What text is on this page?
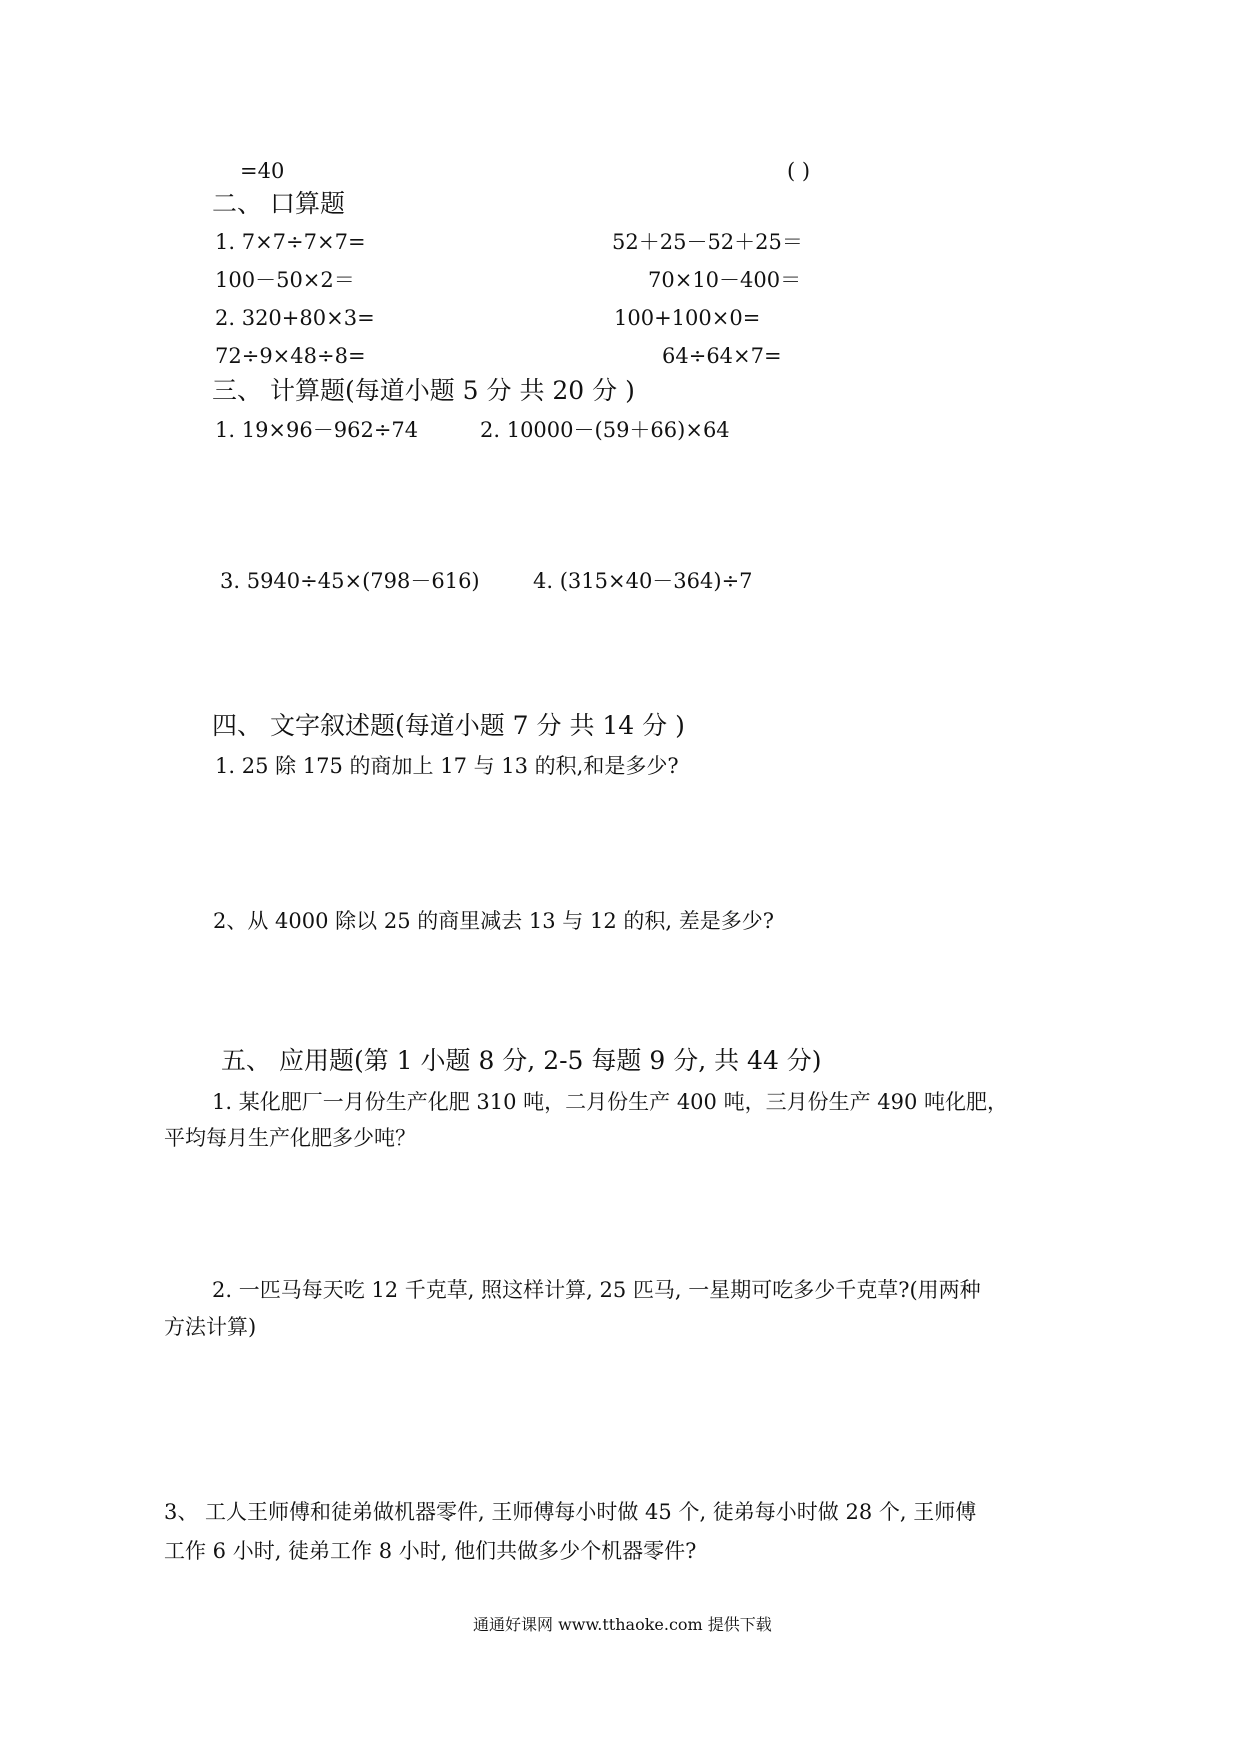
=40	( )
二、 口算题
1. 7×7÷7×7=	52＋25－52＋25＝
100－50×2＝	70×10－400＝
2. 320+80×3=	100+100×0=
72÷9×48÷8=	64÷64×7=
三、 计算题(每道小题 5 分 共 20 分 )
1. 19×96－962÷74	2. 10000－(59＋66)×64
3. 5940÷45×(798－616)	4. (315×40－364)÷7
四、 文字叙述题(每道小题 7 分 共 14 分 )
1. 25 除 175 的商加上 17 与 13 的积,和是多少?
2、从 4000 除以 25 的商里减去 13 与 12 的积, 差是多少?
五、 应用题(第 1 小题 8 分, 2-5 每题 9 分, 共 44 分)
1. 某化肥厂一月份生产化肥 310 吨，二月份生产 400 吨，三月份生产 490 吨化肥，
平均每月生产化肥多少吨？
2. 一匹马每天吃 12 千克草, 照这样计算, 25 匹马, 一星期可吃多少千克草?(用两种
方法计算)
3、 工人王师傅和徒弟做机器零件, 王师傅每小时做 45 个, 徒弟每小时做 28 个, 王师傅
工作 6 小时, 徒弟工作 8 小时, 他们共做多少个机器零件?
通通好课网 www.tthaoke.com 提供下载
